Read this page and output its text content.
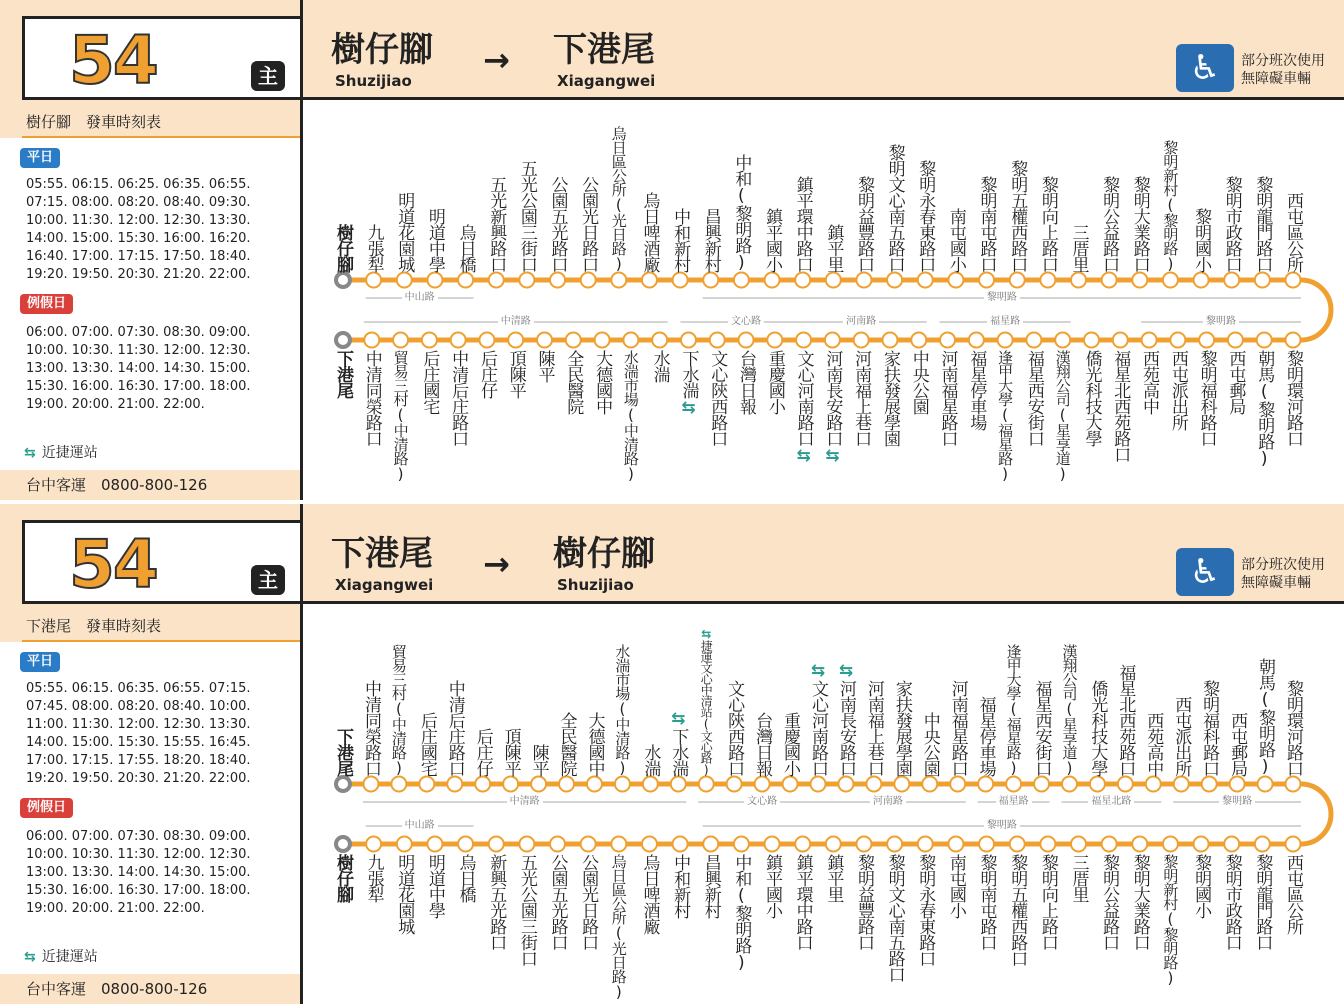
54	主
樹仔腳　發車時刻表
平日
05:55. 06:15. 06:25. 06:35. 06:55.
07:15. 08:00. 08:20. 08:40. 09:30.
10:00. 11:30. 12:00. 12:30. 13:30.
14:00. 15:00. 15:30. 16:00. 16:20.
16:40. 17:00. 17:15. 17:50. 18:40.
19:20. 19:50. 20:30. 21:20. 22:00.
例假日
06:00. 07:00. 07:30. 08:30. 09:00.
10:00. 10:30. 11:30. 12:00. 12:30.
13:00. 13:30. 14:00. 14:30. 15:00.
15:30. 16:00. 16:30. 17:00. 18:00.
19:00. 20:00. 21:00. 22:00.
⇆ 近捷運站
台中客運　0800-800-126
樹仔腳
Shuzijiao
→ 下港尾
Xiagangwei	♿	部分班次使用
無障礙車輛
中山路	黎明路
樹仔腳 九張犁 明道花園城 明道中學 烏日橋 五光新興路口 五光公園三街口 公園五光路口 公園光日路口 烏日區公所(光日路) 烏日啤酒廠 中和新村 昌興新村 中和(黎明路) 鎮平國小 鎮平環中路口 鎮平里 黎明益豐路口 黎明文心南五路口 黎明永春東路口 南屯國小 黎明南屯路口 黎明五權西路口 黎明向上路口 三厝里 黎明公益路口 黎明大業路口 黎明新村(黎明路) 黎明國小 黎明市政路口 黎明龍門路口 西屯區公所
中清路	文心路	河南路	福星路	黎明路
下港尾 中清同榮路口 貿易三村(中清路) 后庄國宅 中清后庄路口 后庄仔 頂陳平 陳平 全民醫院 大德國中 水湍市場(中清路) 水湍 下水湍⇆ 文心陝西路口 台灣日報 重慶國小 文心河南路口⇆
河南長安路口⇆
河南福上巷口 家扶發展學園 中央公園 河南福星路口 福星停車場 逢甲大學(福星路) 福星西安街口 漢翔公司(星享道) 僑光科技大學 福星北西苑路口 西苑高中 西屯派出所 黎明福科路口 西屯郵局 朝馬(黎明路) 黎明環河路口
54	主
下港尾　發車時刻表
平日
05:55. 06:15. 06:35. 06:55. 07:15.
07:45. 08:00. 08:20. 08:40. 10:00.
11:00. 11:30. 12:00. 12:30. 13:30.
14:00. 15:00. 15:30. 15:55. 16:45.
17:00. 17:15. 17:55. 18:20. 18:40.
19:20. 19:50. 20:30. 21:20. 22:00.
例假日
06:00. 07:00. 07:30. 08:30. 09:00.
10:00. 10:30. 11:30. 12:00. 12:30.
13:00. 13:30. 14:00. 14:30. 15:00.
15:30. 16:00. 16:30. 17:00. 18:00.
19:00. 20:00. 21:00. 22:00.
⇆ 近捷運站
台中客運　0800-800-126
下港尾
Xiagangwei
→ 樹仔腳
Shuzijiao	♿	部分班次使用
無障礙車輛
中清路	文心路	河南路	福星路	福星北路	黎明路
下港尾 中清同榮路口 貿易三村(中清路) 后庄國宅 中清后庄路口 后庄仔 頂陳平 陳平 全民醫院 大德國中 水湍市場(中清路) 水湍
⇆下水湍
⇆捷運文心中清站(文心路) 文心陝西路口 台灣日報 重慶國小
⇆文心河南路口
⇆河南長安路口 河南福上巷口 家扶發展學園 中央公園 河南福星路口 福星停車場 逢甲大學(福星路) 福星西安街口 漢翔公司(星享道) 僑光科技大學 福星北西苑路口 西苑高中 西屯派出所 黎明福科路口 西屯郵局 朝馬(黎明路) 黎明環河路口
中山路	黎明路
樹仔腳 九張犁 明道花園城 明道中學 烏日橋 新興五光路口 五光公園三街口 公園五光路口 公園光日路口 烏日區公所(光日路) 烏日啤酒廠 中和新村 昌興新村 中和(黎明路) 鎮平國小 鎮平環中路口 鎮平里 黎明益豐路口 黎明文心南五路口 黎明永春東路口 南屯國小 黎明南屯路口 黎明五權西路口 黎明向上路口 三厝里 黎明公益路口 黎明大業路口 黎明新村(黎明路) 黎明國小 黎明市政路口 黎明龍門路口 西屯區公所
